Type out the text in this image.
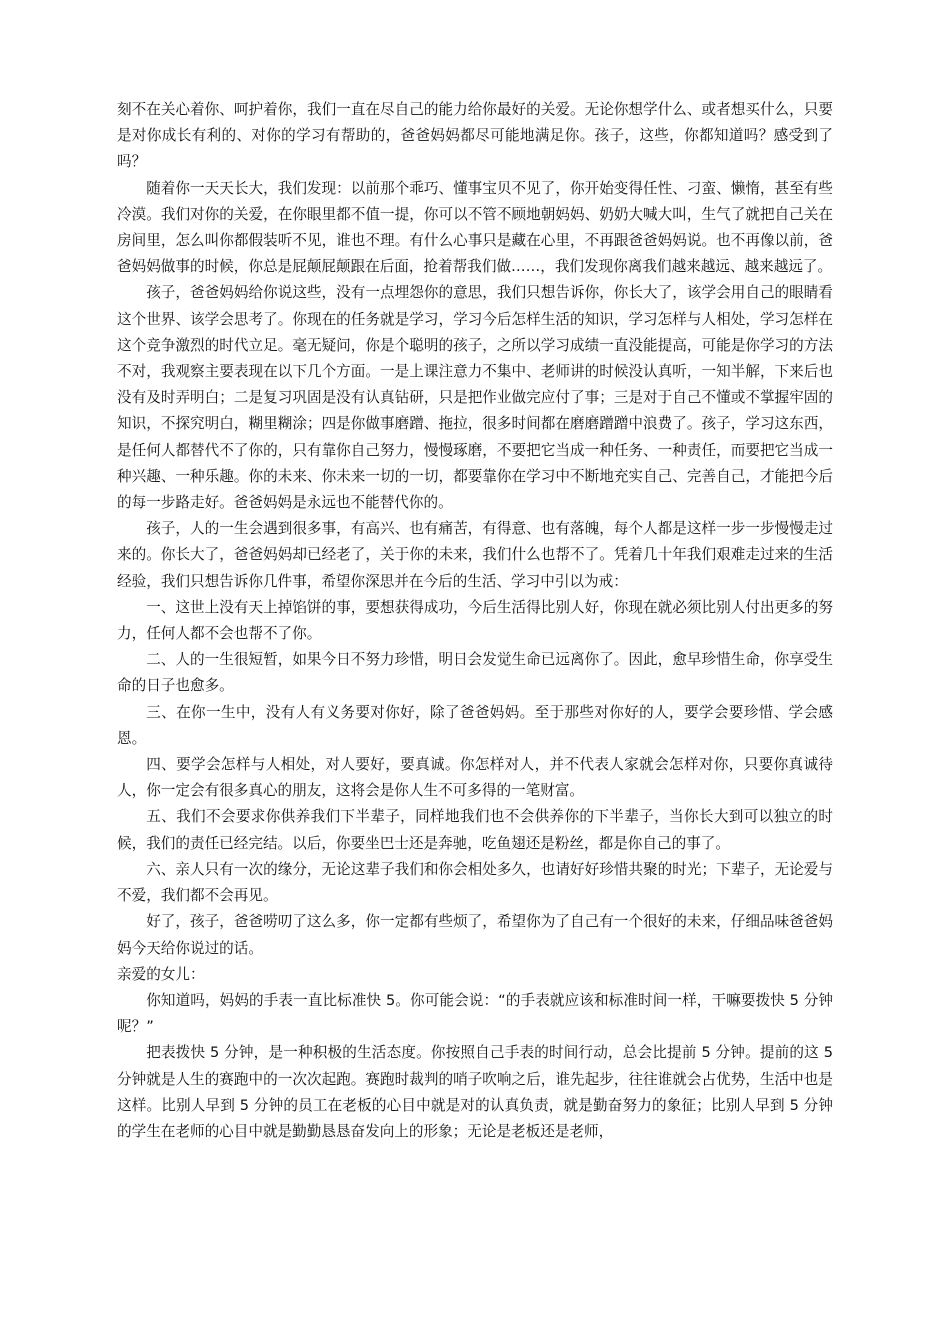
刻不在关心着你、呵护着你，我们一直在尽自己的能力给你最好的关爱。无论你想学什么、或者想买什么，只要是对你成长有利的、对你的学习有帮助的，爸爸妈妈都尽可能地满足你。孩子，这些，你都知道吗？感受到了吗？

随着你一天天长大，我们发现：以前那个乖巧、懂事宝贝不见了，你开始变得任性、刁蛮、懒惰，甚至有些冷漠。我们对你的关爱，在你眼里都不值一提，你可以不管不顾地朝妈妈、奶奶大喊大叫，生气了就把自己关在房间里，怎么叫你都假装听不见，谁也不理。有什么心事只是藏在心里，不再跟爸爸妈妈说。也不再像以前，爸爸妈妈做事的时候，你总是屁颠屁颠跟在后面，抢着帮我们做……，我们发现你离我们越来越远、越来越远了。

孩子，爸爸妈妈给你说这些，没有一点埋怨你的意思，我们只想告诉你，你长大了，该学会用自己的眼睛看这个世界、该学会思考了。你现在的任务就是学习，学习今后怎样生活的知识，学习怎样与人相处，学习怎样在这个竞争激烈的时代立足。毫无疑问，你是个聪明的孩子，之所以学习成绩一直没能提高，可能是你学习的方法不对，我观察主要表现在以下几个方面。一是上课注意力不集中、老师讲的时候没认真听，一知半解，下来后也没有及时弄明白；二是复习巩固是没有认真钻研，只是把作业做完应付了事；三是对于自己不懂或不掌握牢固的知识，不探究明白，糊里糊涂；四是你做事磨蹭、拖拉，很多时间都在磨磨蹭蹭中浪费了。孩子，学习这东西，是任何人都替代不了你的，只有靠你自己努力，慢慢琢磨，不要把它当成一种任务、一种责任，而要把它当成一种兴趣、一种乐趣。你的未来、你未来一切的一切，都要靠你在学习中不断地充实自己、完善自己，才能把今后的每一步路走好。爸爸妈妈是永远也不能替代你的。

孩子，人的一生会遇到很多事，有高兴、也有痛苦，有得意、也有落魄，每个人都是这样一步一步慢慢走过来的。你长大了，爸爸妈妈却已经老了，关于你的未来，我们什么也帮不了。凭着几十年我们艰难走过来的生活经验，我们只想告诉你几件事，希望你深思并在今后的生活、学习中引以为戒：

一、这世上没有天上掉馅饼的事，要想获得成功，今后生活得比别人好，你现在就必须比别人付出更多的努力，任何人都不会也帮不了你。

二、人的一生很短暂，如果今日不努力珍惜，明日会发觉生命已远离你了。因此，愈早珍惜生命，你享受生命的日子也愈多。

三、在你一生中，没有人有义务要对你好，除了爸爸妈妈。至于那些对你好的人，要学会要珍惜、学会感恩。

四、要学会怎样与人相处，对人要好，要真诚。你怎样对人，并不代表人家就会怎样对你，只要你真诚待人，你一定会有很多真心的朋友，这将会是你人生不可多得的一笔财富。

五、我们不会要求你供养我们下半辈子，同样地我们也不会供养你的下半辈子，当你长大到可以独立的时候，我们的责任已经完结。以后，你要坐巴士还是奔驰，吃鱼翅还是粉丝，都是你自己的事了。

六、亲人只有一次的缘分，无论这辈子我们和你会相处多久，也请好好珍惜共聚的时光；下辈子，无论爱与不爱，我们都不会再见。

好了，孩子，爸爸唠叨了这么多，你一定都有些烦了，希望你为了自己有一个很好的未来，仔细品味爸爸妈妈今天给你说过的话。

亲爱的女儿：

你知道吗，妈妈的手表一直比标准快 5。你可能会说：“的手表就应该和标准时间一样，干嘛要拨快 5 分钟呢？”

把表拨快 5 分钟，是一种积极的生活态度。你按照自己手表的时间行动，总会比提前 5 分钟。提前的这 5 分钟就是人生的赛跑中的一次次起跑。赛跑时裁判的哨子吹响之后，谁先起步，往往谁就会占优势，生活中也是这样。比别人早到 5 分钟的员工在老板的心目中就是对的认真负责，就是勤奋努力的象征；比别人早到 5 分钟的学生在老师的心目中就是勤勤恳恳奋发向上的形象；无论是老板还是老师，
